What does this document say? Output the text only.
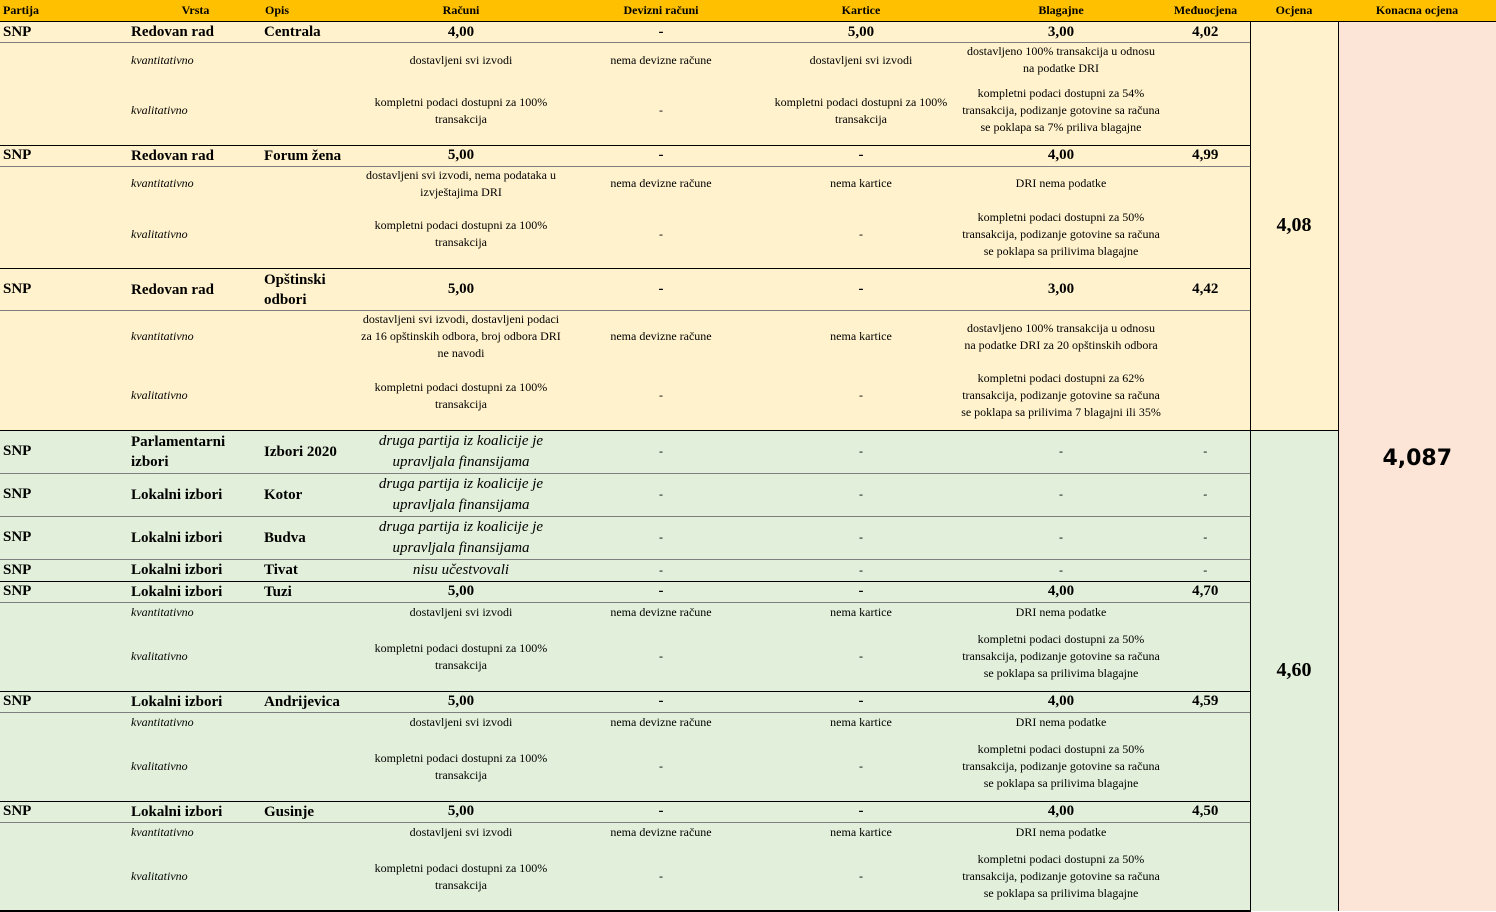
Partija	Vrsta	Opis	Računi	Devizni računi	Kartice	Blagajne	Međuocjena	Ocjena	Konacna ocjena
SNP	Redovan rad	Centrala	4,00	-	5,00	3,00	4,02	4,08	4,087
	kvantitativno		dostavljeni svi izvodi	nema devizne račune	dostavljeni svi izvodi	dostavljeno 100% transakcija u odnosu na podatke DRI			
	kvalitativno		kompletni podaci dostupni za 100% transakcija	-	kompletni podaci dostupni za 100% transakcija	kompletni podaci dostupni za 54% transakcija, podizanje gotovine sa računa se poklapa sa 7% priliva blagajne			
SNP	Redovan rad	Forum žena	5,00	-	-	4,00	4,99		
	kvantitativno		dostavljeni svi izvodi, nema podataka u izvještajima DRI	nema devizne račune	nema kartice	DRI nema podatke			
	kvalitativno		kompletni podaci dostupni za 100% transakcija	-	-	kompletni podaci dostupni za 50% transakcija, podizanje gotovine sa računa se poklapa sa prilivima blagajne			
SNP	Redovan rad	Opštinski odbori	5,00	-	-	3,00	4,42		
	kvantitativno		dostavljeni svi izvodi, dostavljeni podaci za 16 opštinskih odbora, broj odbora DRI ne navodi	nema devizne račune	nema kartice	dostavljeno 100% transakcija u odnosu na podatke DRI za 20 opštinskih odbora			
	kvalitativno		kompletni podaci dostupni za 100% transakcija	-	-	kompletni podaci dostupni za 62% transakcija, podizanje gotovine sa računa se poklapa sa prilivima 7 blagajni ili 35%			
SNP	Parlamentarni izbori	Izbori 2020	druga partija iz koalicije je upravljala finansijama	-	-	-	-	4,60	
SNP	Lokalni izbori	Kotor	druga partija iz koalicije je upravljala finansijama	-	-	-	-		
SNP	Lokalni izbori	Budva	druga partija iz koalicije je upravljala finansijama	-	-	-	-		
SNP	Lokalni izbori	Tivat	nisu učestvovali	-	-	-	-		
SNP	Lokalni izbori	Tuzi	5,00	-	-	4,00	4,70		
	kvantitativno		dostavljeni svi izvodi	nema devizne račune	nema kartice	DRI nema podatke			
	kvalitativno		kompletni podaci dostupni za 100% transakcija	-	-	kompletni podaci dostupni za 50% transakcija, podizanje gotovine sa računa se poklapa sa prilivima blagajne			
SNP	Lokalni izbori	Andrijevica	5,00	-	-	4,00	4,59		
	kvantitativno		dostavljeni svi izvodi	nema devizne račune	nema kartice	DRI nema podatke			
	kvalitativno		kompletni podaci dostupni za 100% transakcija	-	-	kompletni podaci dostupni za 50% transakcija, podizanje gotovine sa računa se poklapa sa prilivima blagajne			
SNP	Lokalni izbori	Gusinje	5,00	-	-	4,00	4,50		
	kvantitativno		dostavljeni svi izvodi	nema devizne račune	nema kartice	DRI nema podatke			
	kvalitativno		kompletni podaci dostupni za 100% transakcija	-	-	kompletni podaci dostupni za 50% transakcija, podizanje gotovine sa računa se poklapa sa prilivima blagajne			
